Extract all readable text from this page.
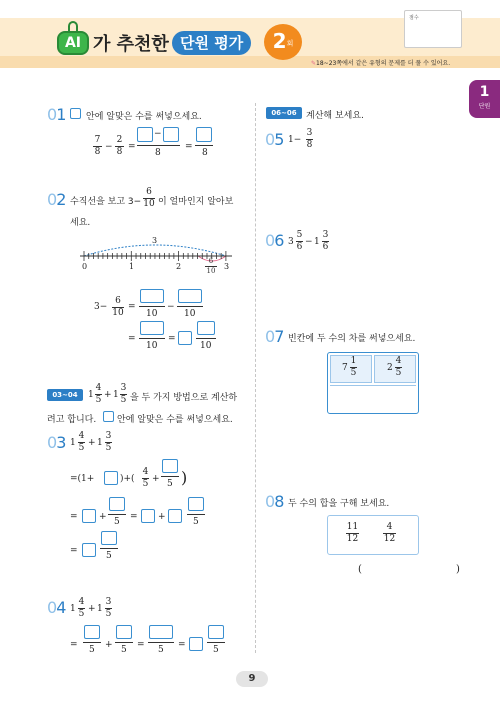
AI 가 추천한 단원 평가	2회
점수
✎18~23쪽에서 같은 유형의 문제를 더 풀 수 있어요.
1
단원
01 안에 알맞은 수를 써넣으세요.
7
8 −
2
8 =
−
8
=
8
02 수직선을 보고 3−
6
10 이 얼마인지 알아보
세요.
3
0	1	2	3
6
10
3−
6
10
=
10
−
10
=
10
=
10
03~04	1
4
5 + 1
3
5 을 두 가지 방법으로 계산하
려고 합니다. 안에 알맞은 수를 써넣으세요.
03 1
4
5 + 1
3
5
=(1+	)+(
4
5 + 5 )
= + 5 = +	5
=	5
04 1
4
5 + 1
3
5
= 5 + 5 = 5 =	5
06~06	계산해 보세요.
05 1−
3
8
06 3
5
6 − 1
3
6
07 빈칸에 두 수의 차를 써넣으세요.
7
1
5	2
4
5
08 두 수의 합을 구해 보세요.
11
12
4
12
(	)
9
